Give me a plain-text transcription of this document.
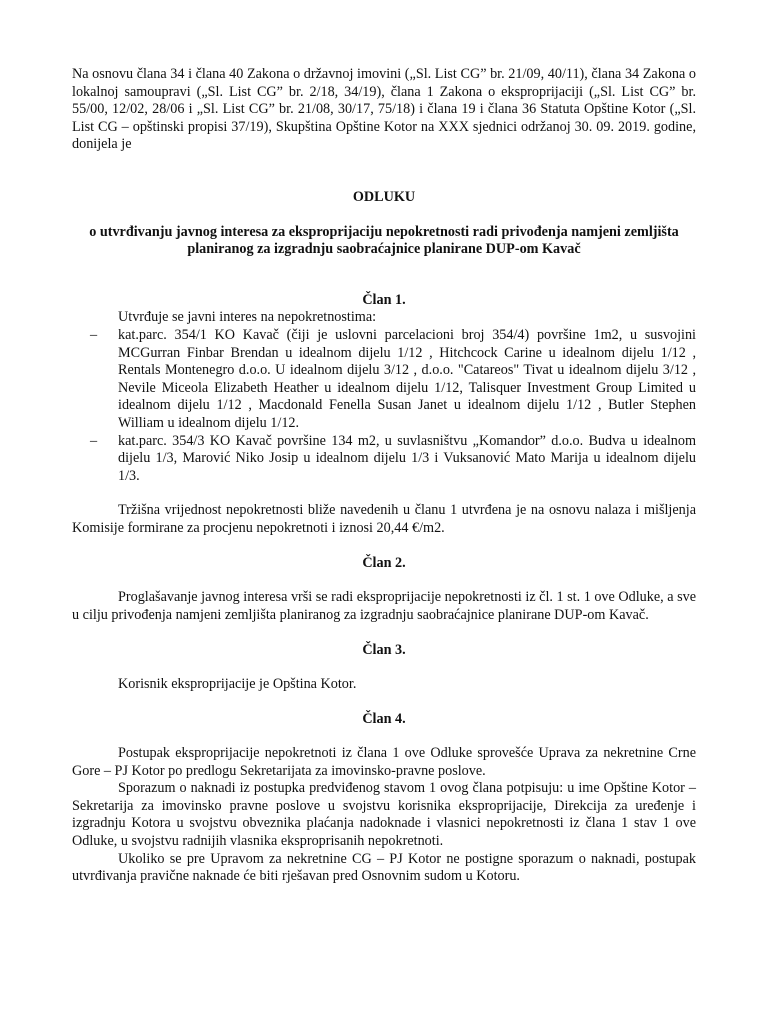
Na osnovu člana 34 i člana 40 Zakona o državnoj imovini („Sl. List CG” br. 21/09, 40/11), člana 34 Zakona o lokalnoj samoupravi („Sl. List CG” br. 2/18, 34/19), člana 1 Zakona o eksproprijaciji („Sl. List CG” br. 55/00, 12/02, 28/06 i „Sl. List CG” br. 21/08, 30/17, 75/18) i člana 19 i člana 36 Statuta Opštine Kotor („Sl. List CG – opštinski propisi 37/19), Skupština Opštine Kotor na XXX sjednici održanoj 30. 09. 2019. godine, donijela je

ODLUKU

o utvrđivanju javnog interesa za eksproprijaciju nepokretnosti radi privođenja namjeni zemljišta planiranog za izgradnju saobraćajnice planirane DUP-om Kavač

Član 1.

Utvrđuje se javni interes na nepokretnostima:

– kat.parc. 354/1 KO Kavač (čiji je uslovni parcelacioni broj 354/4) površine 1m2, u susvojini MCGurran Finbar Brendan u idealnom dijelu 1/12 , Hitchcock Carine u idealnom dijelu 1/12 , Rentals Montenegro d.o.o. U idealnom dijelu 3/12 , d.o.o. "Catareos" Tivat u idealnom dijelu 3/12 , Nevile Miceola Elizabeth Heather u idealnom dijelu 1/12, Talisquer Investment Group Limited u idealnom dijelu 1/12 , Macdonald Fenella Susan Janet u idealnom dijelu 1/12 , Butler Stephen William u idealnom dijelu 1/12.
– kat.parc. 354/3 KO Kavač površine 134 m2, u suvlasništvu „Komandor” d.o.o. Budva u idealnom dijelu 1/3, Marović Niko Josip u idealnom dijelu 1/3 i Vuksanović Mato Marija u idealnom dijelu 1/3.

Tržišna vrijednost nepokretnosti bliže navedenih u članu 1 utvrđena je na osnovu nalaza i mišljenja Komisije formirane za procjenu nepokretnoti i iznosi 20,44 €/m2.

Član 2.

Proglašavanje javnog interesa vrši se radi eksproprijacije nepokretnosti iz čl. 1 st. 1 ove Odluke, a sve u cilju privođenja namjeni zemljišta planiranog za izgradnju saobraćajnice planirane DUP-om Kavač.

Član 3.

Korisnik eksproprijacije je Opština Kotor.

Član 4.

Postupak eksproprijacije nepokretnoti iz člana 1 ove Odluke sprovešće Uprava za nekretnine Crne Gore – PJ Kotor po predlogu Sekretarijata za imovinsko-pravne poslove.

Sporazum o naknadi iz postupka predviđenog stavom 1 ovog člana potpisuju: u ime Opštine Kotor – Sekretarija za imovinsko pravne poslove u svojstvu korisnika eksproprijacije, Direkcija za uređenje i izgradnju Kotora u svojstvu obveznika plaćanja nadoknade i vlasnici nepokretnosti iz člana 1 stav 1 ove Odluke, u svojstvu radnijih vlasnika eksproprisanih nepokretnoti.

Ukoliko se pre Upravom za nekretnine CG – PJ Kotor ne postigne sporazum o naknadi, postupak utvrđivanja pravične naknade će biti rješavan pred Osnovnim sudom u Kotoru.
